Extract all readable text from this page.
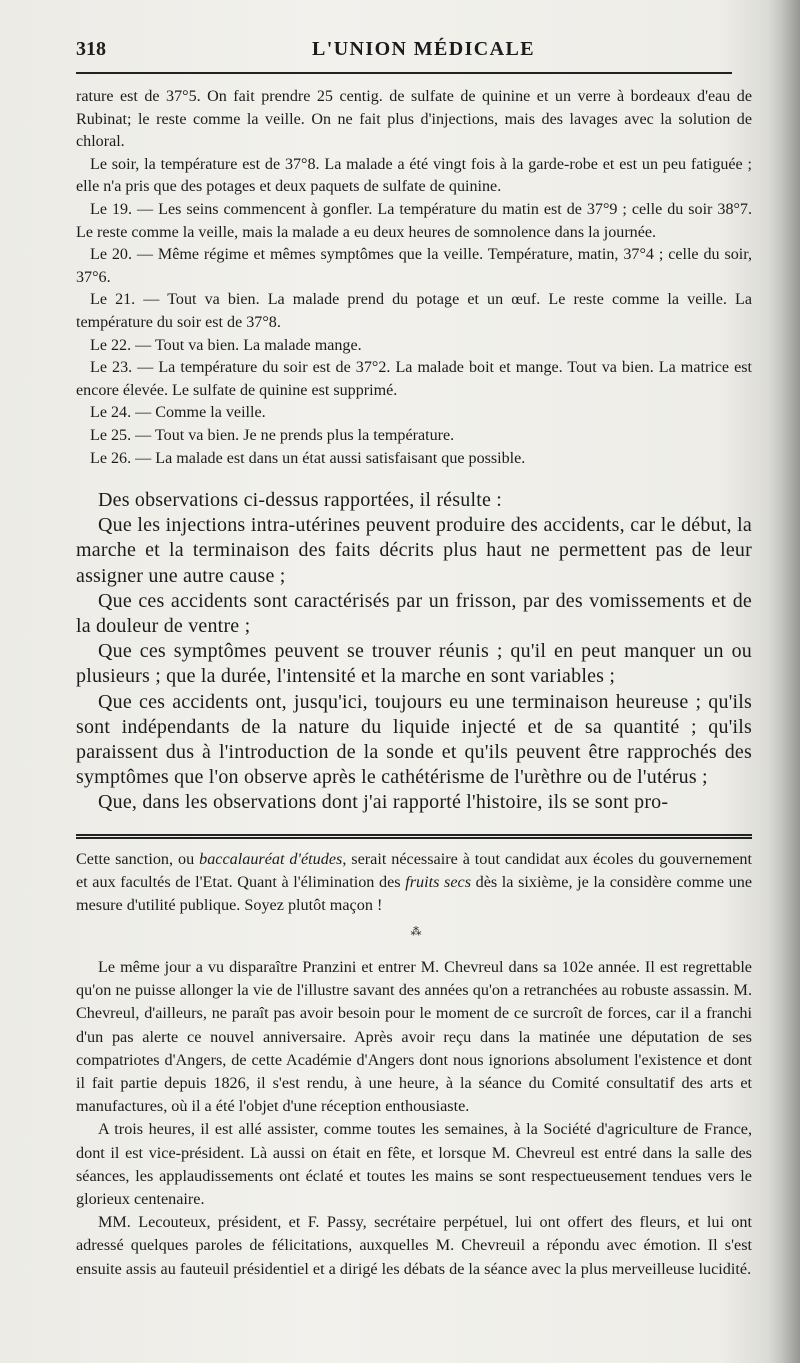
318	L'UNION MÉDICALE

rature est de 37°5. On fait prendre 25 centig. de sulfate de quinine et un verre à bordeaux d'eau de Rubinat; le reste comme la veille. On ne fait plus d'injections, mais des lavages avec la solution de chloral.

Le soir, la température est de 37°8. La malade a été vingt fois à la garde-robe et est un peu fatiguée ; elle n'a pris que des potages et deux paquets de sulfate de quinine.

Le 19. — Les seins commencent à gonfler. La température du matin est de 37°9 ; celle du soir 38°7. Le reste comme la veille, mais la malade a eu deux heures de somnolence dans la journée.

Le 20. — Même régime et mêmes symptômes que la veille. Température, matin, 37°4 ; celle du soir, 37°6.

Le 21. — Tout va bien. La malade prend du potage et un œuf. Le reste comme la veille. La température du soir est de 37°8.

Le 22. — Tout va bien. La malade mange.

Le 23. — La température du soir est de 37°2. La malade boit et mange. Tout va bien. La matrice est encore élevée. Le sulfate de quinine est supprimé.

Le 24. — Comme la veille.

Le 25. — Tout va bien. Je ne prends plus la température.

Le 26. — La malade est dans un état aussi satisfaisant que possible.

Des observations ci-dessus rapportées, il résulte :

Que les injections intra-utérines peuvent produire des accidents, car le début, la marche et la terminaison des faits décrits plus haut ne permettent pas de leur assigner une autre cause ;

Que ces accidents sont caractérisés par un frisson, par des vomissements et de la douleur de ventre ;

Que ces symptômes peuvent se trouver réunis ; qu'il en peut manquer un ou plusieurs ; que la durée, l'intensité et la marche en sont variables ;

Que ces accidents ont, jusqu'ici, toujours eu une terminaison heureuse ; qu'ils sont indépendants de la nature du liquide injecté et de sa quantité ; qu'ils paraissent dus à l'introduction de la sonde et qu'ils peuvent être rapprochés des symptômes que l'on observe après le cathétérisme de l'urèthre ou de l'utérus ;

Que, dans les observations dont j'ai rapporté l'histoire, ils se sont pro-

Cette sanction, ou baccalauréat d'études, serait nécessaire à tout candidat aux écoles du gouvernement et aux facultés de l'Etat. Quant à l'élimination des fruits secs dès la sixième, je la considère comme une mesure d'utilité publique. Soyez plutôt maçon !

⁂

Le même jour a vu disparaître Pranzini et entrer M. Chevreul dans sa 102e année. Il est regrettable qu'on ne puisse allonger la vie de l'illustre savant des années qu'on a retranchées au robuste assassin. M. Chevreul, d'ailleurs, ne paraît pas avoir besoin pour le moment de ce surcroît de forces, car il a franchi d'un pas alerte ce nouvel anniversaire. Après avoir reçu dans la matinée une députation de ses compatriotes d'Angers, de cette Académie d'Angers dont nous ignorions absolument l'existence et dont il fait partie depuis 1826, il s'est rendu, à une heure, à la séance du Comité consultatif des arts et manufactures, où il a été l'objet d'une réception enthousiaste.

A trois heures, il est allé assister, comme toutes les semaines, à la Société d'agriculture de France, dont il est vice-président. Là aussi on était en fête, et lorsque M. Chevreul est entré dans la salle des séances, les applaudissements ont éclaté et toutes les mains se sont respectueusement tendues vers le glorieux centenaire.

MM. Lecouteux, président, et F. Passy, secrétaire perpétuel, lui ont offert des fleurs, et lui ont adressé quelques paroles de félicitations, auxquelles M. Chevreuil a répondu avec émotion. Il s'est ensuite assis au fauteuil présidentiel et a dirigé les débats de la séance avec la plus merveilleuse lucidité.
